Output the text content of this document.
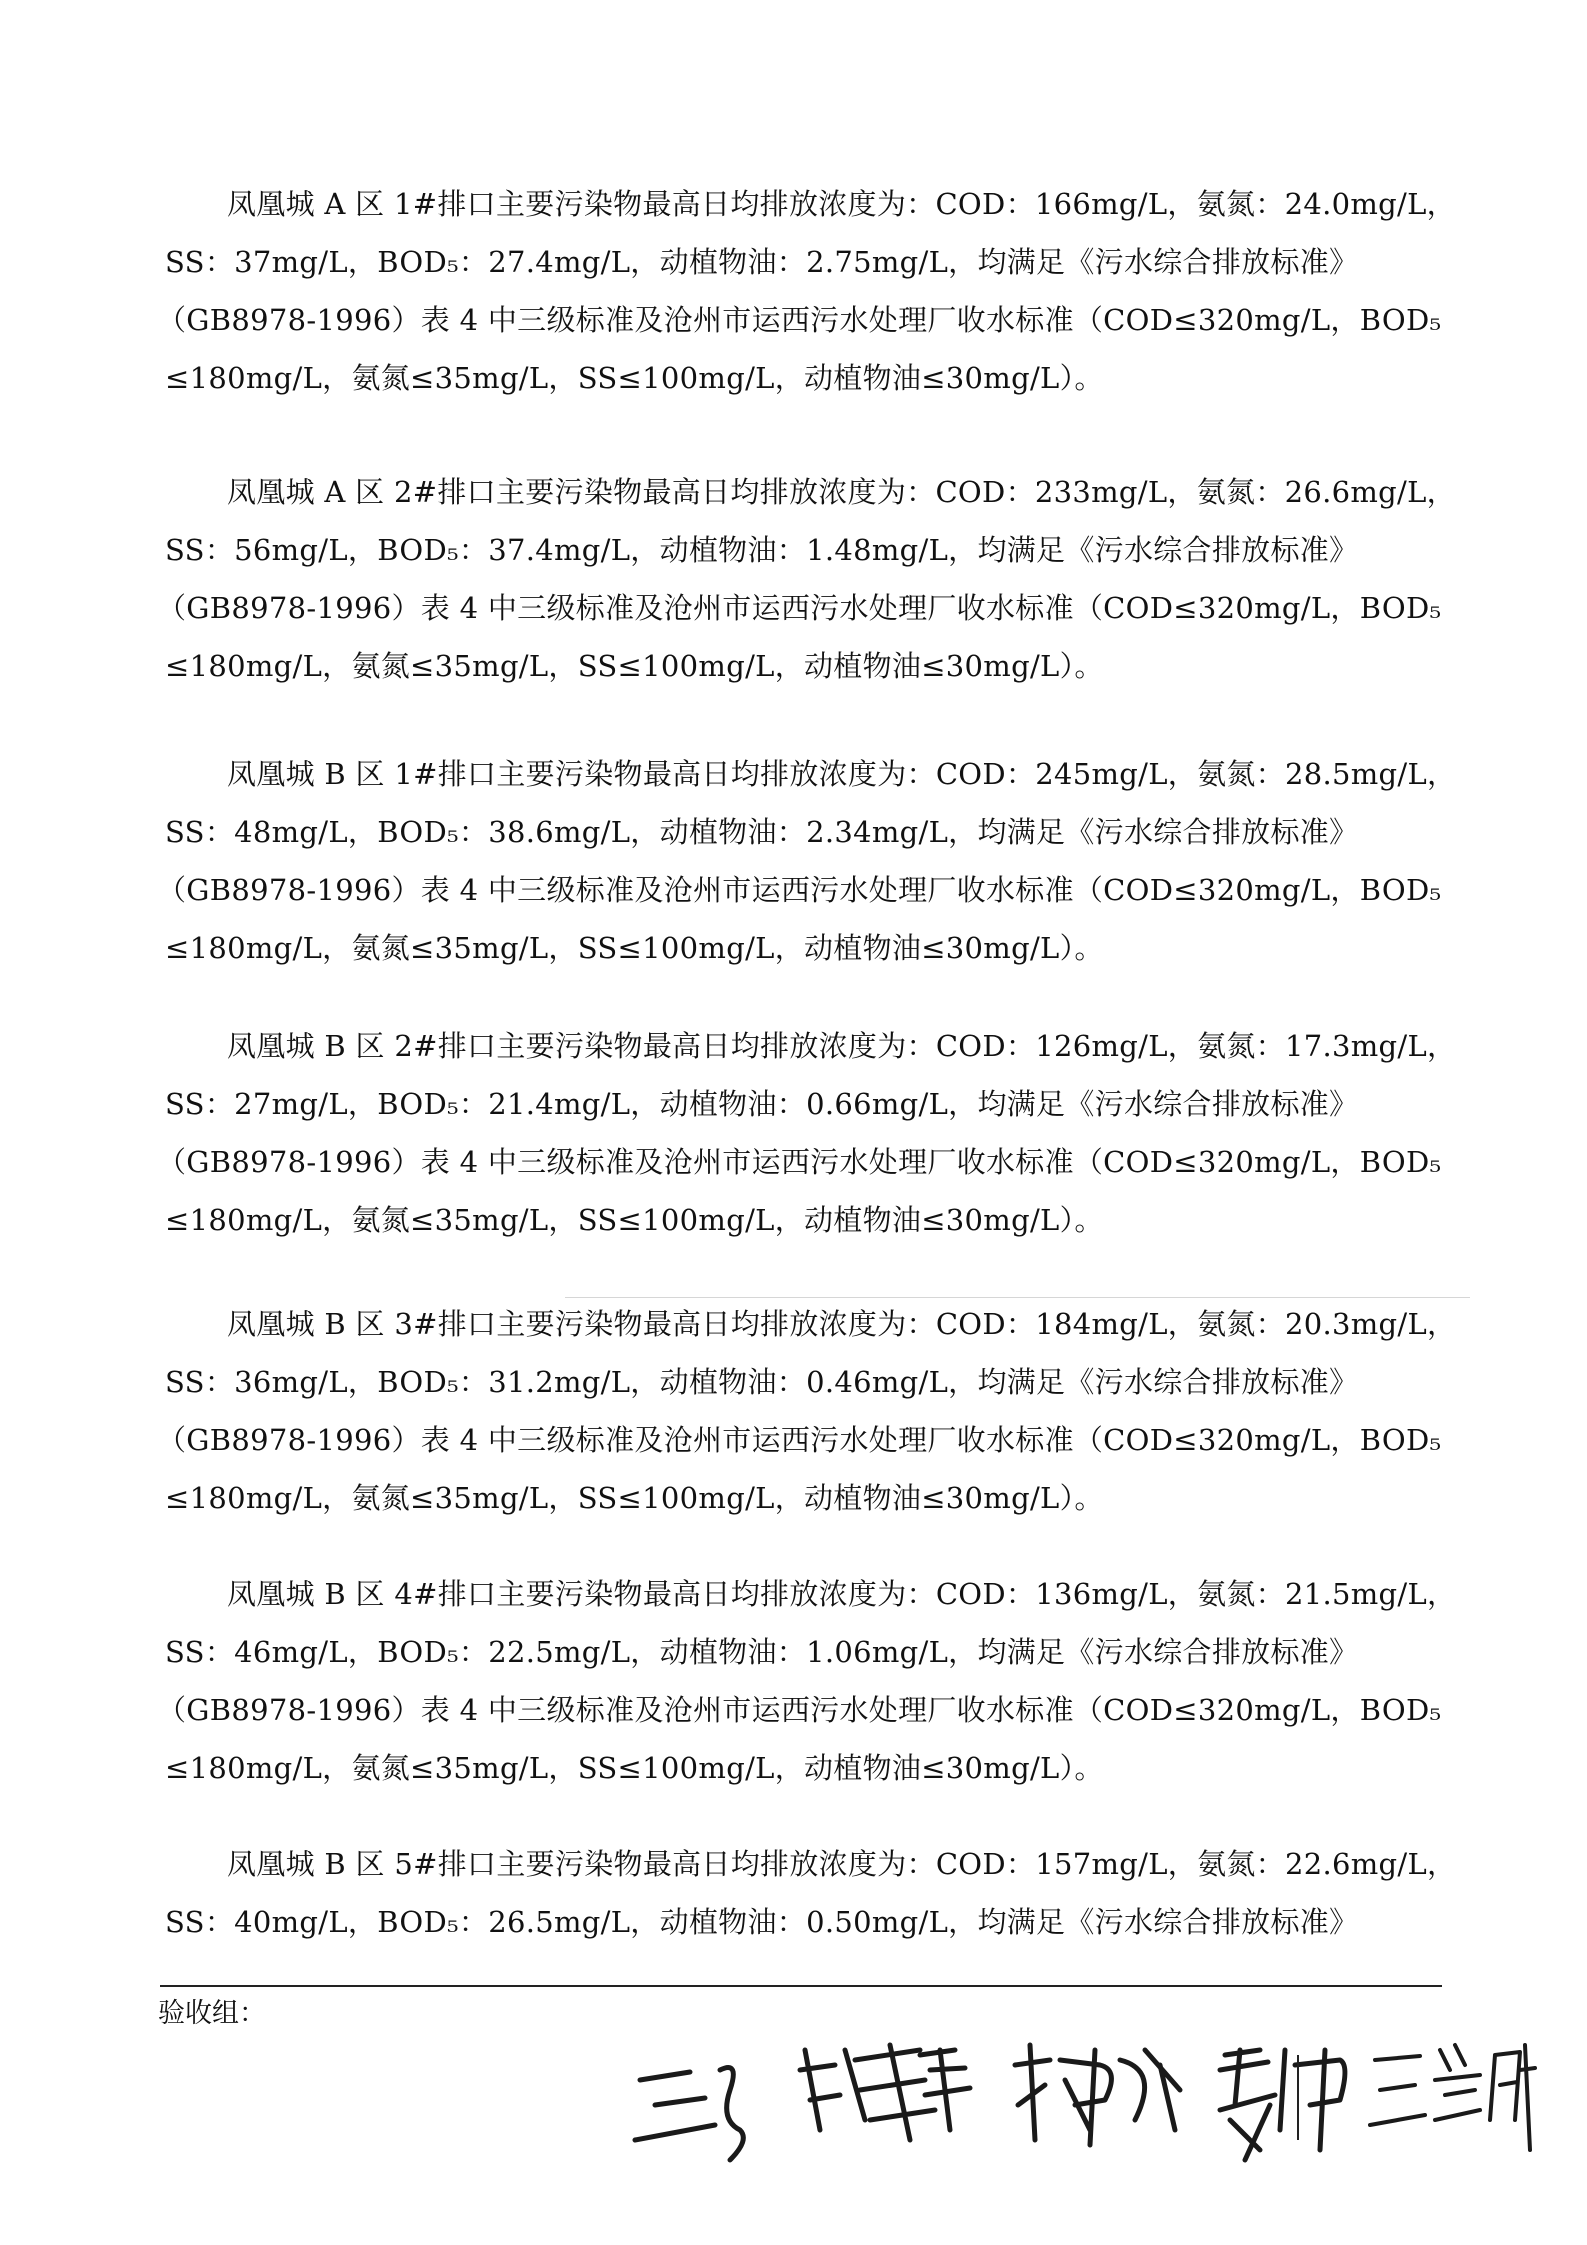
凤凰城 A 区 1#排口主要污染物最高日均排放浓度为：COD：166mg/L，氨氮：24.0mg/L，
SS：37mg/L，BOD₅：27.4mg/L，动植物油：2.75mg/L，均满足《污水综合排放标准》
（GB8978-1996）表 4 中三级标准及沧州市运西污水处理厂收水标准（COD≤320mg/L，BOD₅
≤180mg/L，氨氮≤35mg/L，SS≤100mg/L，动植物油≤30mg/L）。
凤凰城 A 区 2#排口主要污染物最高日均排放浓度为：COD：233mg/L，氨氮：26.6mg/L，
SS：56mg/L，BOD₅：37.4mg/L，动植物油：1.48mg/L，均满足《污水综合排放标准》
（GB8978-1996）表 4 中三级标准及沧州市运西污水处理厂收水标准（COD≤320mg/L，BOD₅
≤180mg/L，氨氮≤35mg/L，SS≤100mg/L，动植物油≤30mg/L）。
凤凰城 B 区 1#排口主要污染物最高日均排放浓度为：COD：245mg/L，氨氮：28.5mg/L，
SS：48mg/L，BOD₅：38.6mg/L，动植物油：2.34mg/L，均满足《污水综合排放标准》
（GB8978-1996）表 4 中三级标准及沧州市运西污水处理厂收水标准（COD≤320mg/L，BOD₅
≤180mg/L，氨氮≤35mg/L，SS≤100mg/L，动植物油≤30mg/L）。
凤凰城 B 区 2#排口主要污染物最高日均排放浓度为：COD：126mg/L，氨氮：17.3mg/L，
SS：27mg/L，BOD₅：21.4mg/L，动植物油：0.66mg/L，均满足《污水综合排放标准》
（GB8978-1996）表 4 中三级标准及沧州市运西污水处理厂收水标准（COD≤320mg/L，BOD₅
≤180mg/L，氨氮≤35mg/L，SS≤100mg/L，动植物油≤30mg/L）。
凤凰城 B 区 3#排口主要污染物最高日均排放浓度为：COD：184mg/L，氨氮：20.3mg/L，
SS：36mg/L，BOD₅：31.2mg/L，动植物油：0.46mg/L，均满足《污水综合排放标准》
（GB8978-1996）表 4 中三级标准及沧州市运西污水处理厂收水标准（COD≤320mg/L，BOD₅
≤180mg/L，氨氮≤35mg/L，SS≤100mg/L，动植物油≤30mg/L）。
凤凰城 B 区 4#排口主要污染物最高日均排放浓度为：COD：136mg/L，氨氮：21.5mg/L，
SS：46mg/L，BOD₅：22.5mg/L，动植物油：1.06mg/L，均满足《污水综合排放标准》
（GB8978-1996）表 4 中三级标准及沧州市运西污水处理厂收水标准（COD≤320mg/L，BOD₅
≤180mg/L，氨氮≤35mg/L，SS≤100mg/L，动植物油≤30mg/L）。
凤凰城 B 区 5#排口主要污染物最高日均排放浓度为：COD：157mg/L，氨氮：22.6mg/L，
SS：40mg/L，BOD₅：26.5mg/L，动植物油：0.50mg/L，均满足《污水综合排放标准》
验收组：
